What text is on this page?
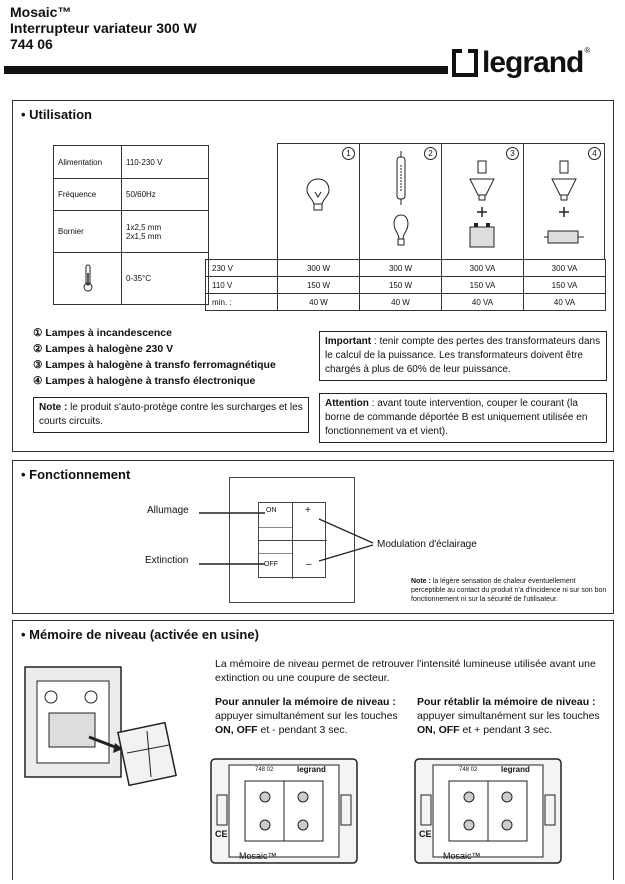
Mosaic™
Interrupteur variateur 300 W
744 06
legrand ®
• Utilisation
Alimentation	110-230 V
Fréquence	50/60Hz
Bornier	1x2,5 mm
2x1,5 mm
	0-35°C
1	2	3	4
230 V	300 W	300 W	300 VA	300 VA
110 V	150 W	150 W	150 VA	150 VA
min. :	40 W	40 W	40 VA	40 VA
① Lampes à incandescence
② Lampes à halogène 230 V
③ Lampes à halogène à transfo ferromagnétique
④ Lampes à halogène à transfo électronique
Note : le produit s'auto-protège contre les surcharges et les courts circuits.
Important : tenir compte des pertes des transformateurs dans le calcul de la puissance. Les transformateurs doivent être chargés à plus de 60% de leur puissance.
Attention : avant toute intervention, couper le courant (la borne de commande déportée B est uniquement utilisée en fonctionnement va et vient).
• Fonctionnement
ON
OFF
+
–
Allumage
Extinction
Modulation d'éclairage
Note : la légère sensation de chaleur éventuellement perceptible au contact du produit n'a d'incidence ni sur son bon fonctionnement ni sur la sécurité de l'utilisateur.
• Mémoire de niveau (activée en usine)
La mémoire de niveau permet de retrouver l'intensité lumineuse utilisée avant une extinction ou une coupure de secteur.
Pour annuler la mémoire de niveau :
appuyer simultanément sur les touches
ON, OFF et - pendant 3 sec.
Pour rétablir la mémoire de niveau :
appuyer simultanément sur les touches
ON, OFF et + pendant 3 sec.
748 02	legrand
CE
Mosaic™
748 02	legrand
CE
Mosaic™
